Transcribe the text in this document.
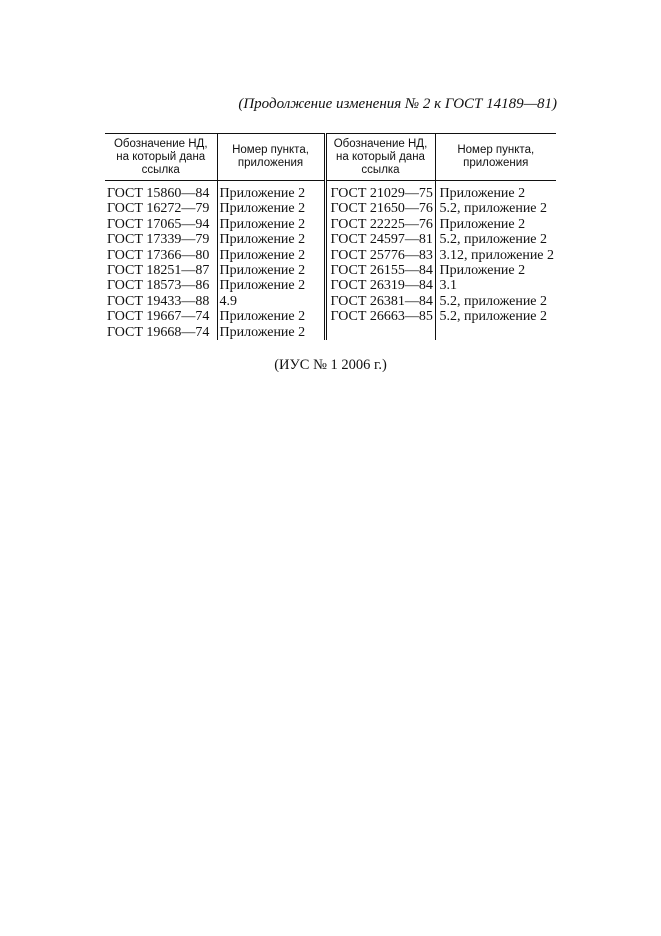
(Продолжение изменения № 2 к ГОСТ 14189—81)

Обозначение НД, на который дана ссылка	Номер пункта, приложения	Обозначение НД, на который дана ссылка	Номер пункта, приложения
ГОСТ 15860—84	Приложение 2	ГОСТ 21029—75	Приложение 2
ГОСТ 16272—79	Приложение 2	ГОСТ 21650—76	5.2, приложение 2
ГОСТ 17065—94	Приложение 2	ГОСТ 22225—76	Приложение 2
ГОСТ 17339—79	Приложение 2	ГОСТ 24597—81	5.2, приложение 2
ГОСТ 17366—80	Приложение 2	ГОСТ 25776—83	3.12, приложение 2
ГОСТ 18251—87	Приложение 2	ГОСТ 26155—84	Приложение 2
ГОСТ 18573—86	Приложение 2	ГОСТ 26319—84	3.1
ГОСТ 19433—88	4.9	ГОСТ 26381—84	5.2, приложение 2
ГОСТ 19667—74	Приложение 2	ГОСТ 26663—85	5.2, приложение 2
ГОСТ 19668—74	Приложение 2		

(ИУС № 1 2006 г.)
